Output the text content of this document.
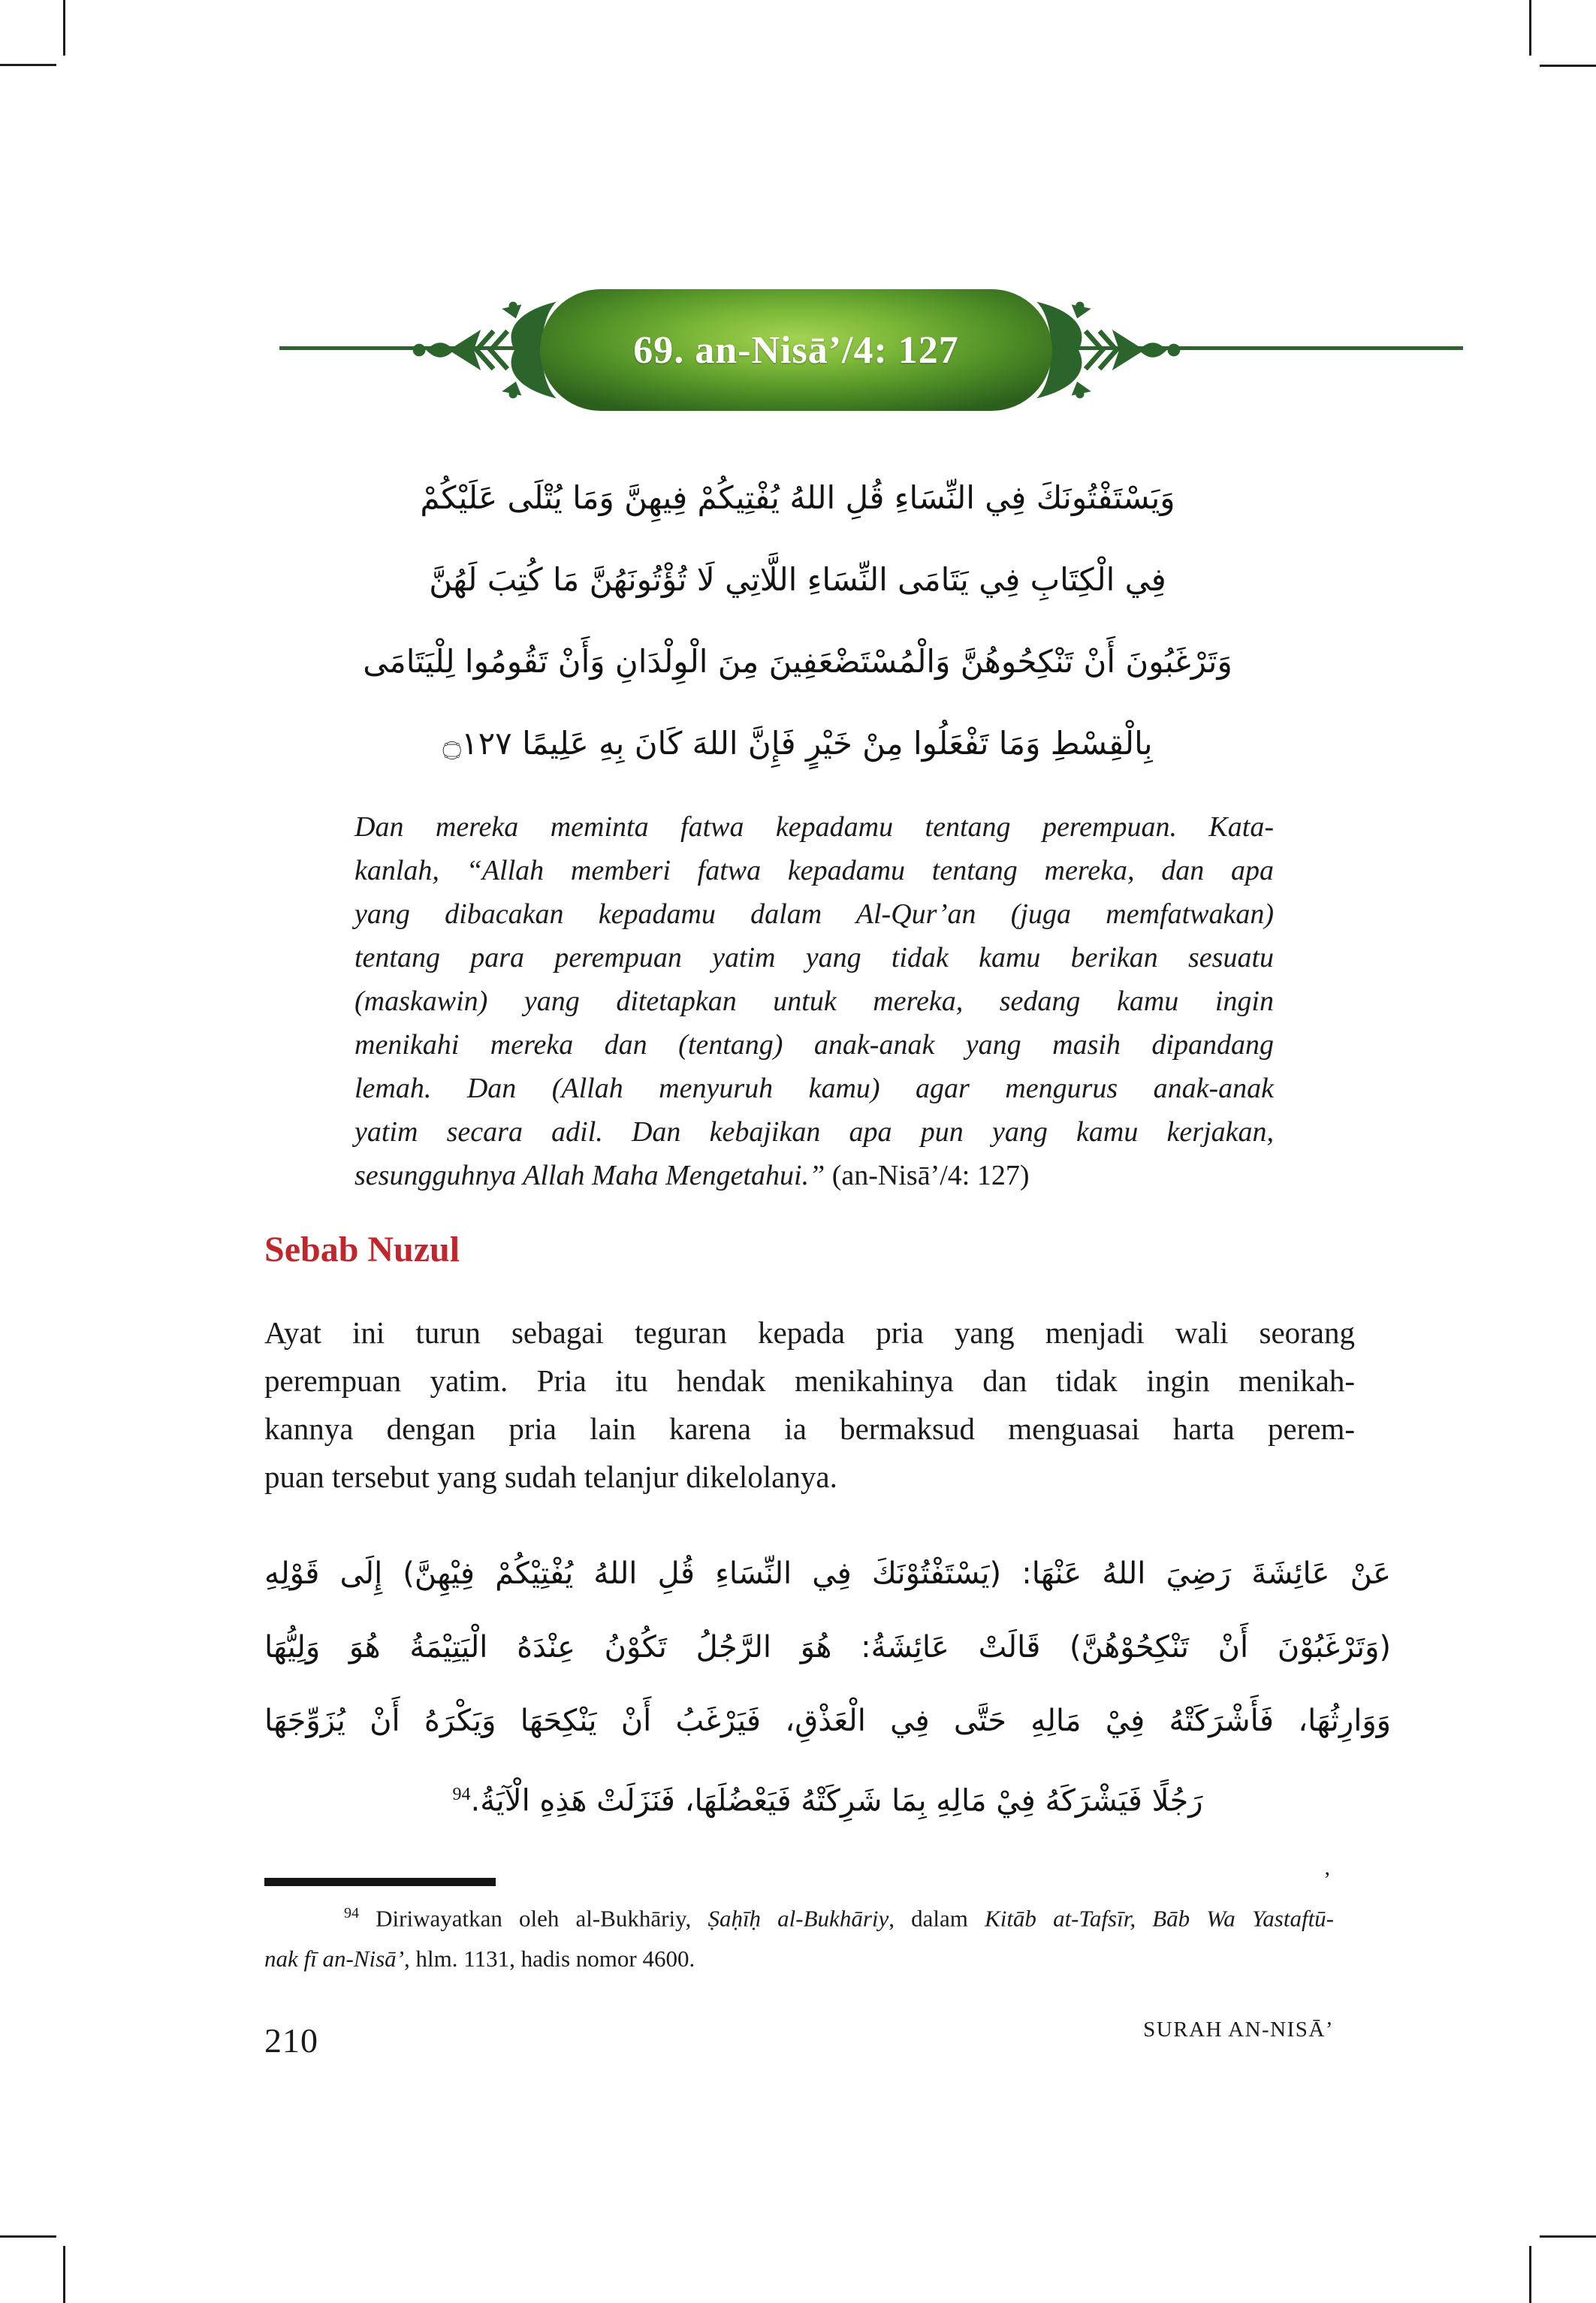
69. an-Nisā’/4: 127
وَيَسْتَفْتُونَكَ فِي النِّسَاءِ قُلِ اللهُ يُفْتِيكُمْ فِيهِنَّ وَمَا يُتْلَى عَلَيْكُمْ
فِي الْكِتَابِ فِي يَتَامَى النِّسَاءِ اللَّاتِي لَا تُؤْتُونَهُنَّ مَا كُتِبَ لَهُنَّ
وَتَرْغَبُونَ أَنْ تَنْكِحُوهُنَّ وَالْمُسْتَضْعَفِينَ مِنَ الْوِلْدَانِ وَأَنْ تَقُومُوا لِلْيَتَامَى
بِالْقِسْطِ وَمَا تَفْعَلُوا مِنْ خَيْرٍ فَإِنَّ اللهَ كَانَ بِهِ عَلِيمًا ۝١٢٧
Dan mereka meminta fatwa kepadamu tentang perempuan. Kata-
kanlah, “Allah memberi fatwa kepadamu tentang mereka, dan apa
yang dibacakan kepadamu dalam Al-Qur’an (juga memfatwakan)
tentang para perempuan yatim yang tidak kamu berikan sesuatu
(maskawin) yang ditetapkan untuk mereka, sedang kamu ingin
menikahi mereka dan (tentang) anak-anak yang masih dipandang
lemah. Dan (Allah menyuruh kamu) agar mengurus anak-anak
yatim secara adil. Dan kebajikan apa pun yang kamu kerjakan,
sesungguhnya Allah Maha Mengetahui.” (an-Nisā’/4: 127)
Sebab Nuzul
Ayat ini turun sebagai teguran kepada pria yang menjadi wali seorang
perempuan yatim. Pria itu hendak menikahinya dan tidak ingin menikah-
kannya dengan pria lain karena ia bermaksud menguasai harta perem-
puan tersebut yang sudah telanjur dikelolanya.
عَنْ عَائِشَةَ رَضِيَ اللهُ عَنْهَا: (يَسْتَفْتُوْنَكَ فِي النِّسَاءِ قُلِ اللهُ يُفْتِيْكُمْ فِيْهِنَّ) إِلَى قَوْلِهِ
(وَتَرْغَبُوْنَ أَنْ تَنْكِحُوْهُنَّ) قَالَتْ عَائِشَةُ: هُوَ الرَّجُلُ تَكُوْنُ عِنْدَهُ الْيَتِيْمَةُ هُوَ وَلِيُّهَا
وَوَارِثُهَا، فَأَشْرَكَتْهُ فِيْ مَالِهِ حَتَّى فِي الْعَذْقِ، فَيَرْغَبُ أَنْ يَنْكِحَهَا وَيَكْرَهُ أَنْ يُزَوِّجَهَا
رَجُلًا فَيَشْرَكَهُ فِيْ مَالِهِ بِمَا شَرِكَتْهُ فَيَعْضُلَهَا، فَنَزَلَتْ هَذِهِ الْآيَةُ.$^{94}$
’
$^{94}$ Diriwayatkan oleh al-Bukhāriy, Ṣaḥīḥ al-Bukhāriy, dalam Kitāb at-Tafsīr, Bāb Wa Yastaftū-
nak fī an-Nisā’, hlm. 1131, hadis nomor 4600.
210	SURAH AN-NISĀ’
